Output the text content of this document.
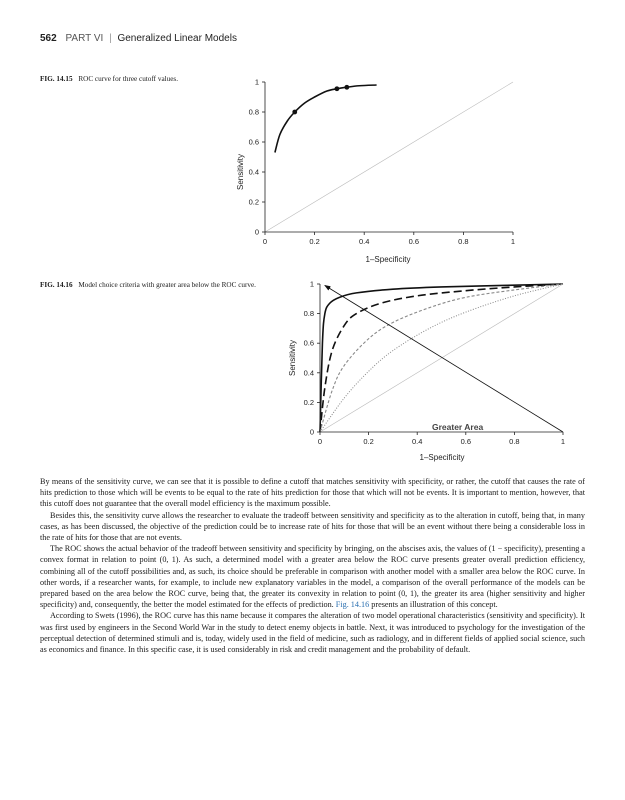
562 PART VI | Generalized Linear Models
FIG. 14.15 ROC curve for three cutoff values.
0	0.2	0.4	0.6	0.8	1
0
0.2
0.4
0.6
0.8
1
1–Specificity
Sensitivity
FIG. 14.16 Model choice criteria with greater area below the ROC curve.
0	0.2	0.4	0.6	0.8	1
0
0.2
0.4
0.6
0.8
1
1–Specificity
Sensitivity
Greater Area

By means of the sensitivity curve, we can see that it is possible to define a cutoff that matches sensitivity with specificity, or rather, the cutoff that causes the rate of hits prediction to those which will be events to be equal to the rate of hits prediction for those that which will not be events. It is important to mention, however, that this cutoff does not guarantee that the overall model efficiency is the maximum possible.

Besides this, the sensitivity curve allows the researcher to evaluate the tradeoff between sensitivity and specificity as to the alteration in cutoff, being that, in many cases, as has been discussed, the objective of the prediction could be to increase rate of hits for those that will be an event without there being a considerable loss in the rate of hits for those that are not events.

The ROC shows the actual behavior of the tradeoff between sensitivity and specificity by bringing, on the abscises axis, the values of (1 − specificity), presenting a convex format in relation to point (0, 1). As such, a determined model with a greater area below the ROC curve presents greater overall prediction efficiency, combining all of the cutoff possibilities and, as such, its choice should be preferable in comparison with another model with a smaller area below the ROC curve. In other words, if a researcher wants, for example, to include new explanatory variables in the model, a comparison of the overall performance of the models can be prepared based on the area below the ROC curve, being that, the greater its convexity in relation to point (0, 1), the greater its area (higher sensitivity and higher specificity) and, consequently, the better the model estimated for the effects of prediction. Fig. 14.16 presents an illustration of this concept.

According to Swets (1996), the ROC curve has this name because it compares the alteration of two model operational characteristics (sensitivity and specificity). It was first used by engineers in the Second World War in the study to detect enemy objects in battle. Next, it was introduced to psychology for the investigation of the perceptual detection of determined stimuli and is, today, widely used in the field of medicine, such as radiology, and in different fields of applied social science, such as economics and finance. In this specific case, it is used considerably in risk and credit management and the probability of default.
